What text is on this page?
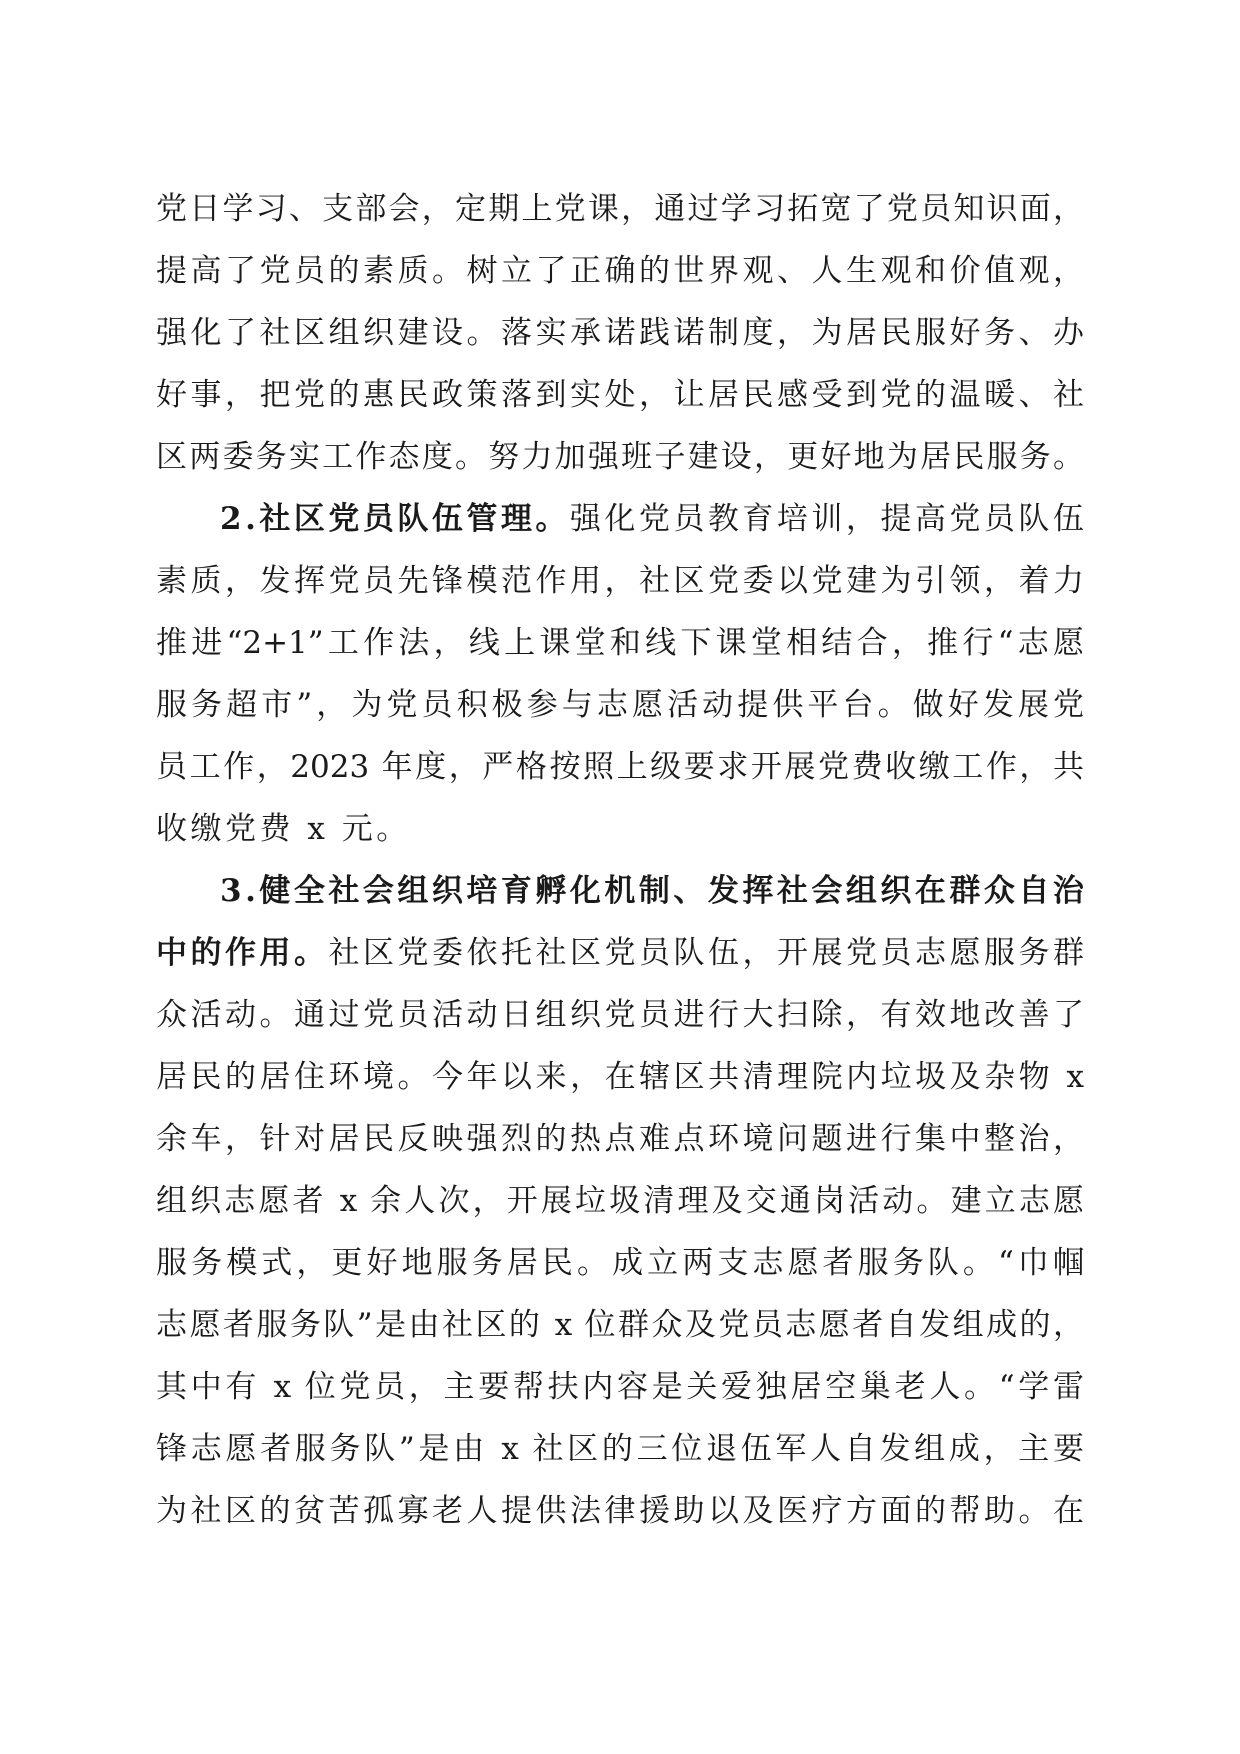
党日学习、支部会，定期上党课，通过学习拓宽了党员知识面，
提高了党员的素质。树立了正确的世界观、人生观和价值观，
强化了社区组织建设。落实承诺践诺制度，为居民服好务、办
好事，把党的惠民政策落到实处，让居民感受到党的温暖、社
区两委务实工作态度。努力加强班子建设，更好地为居民服务。
2.社区党员队伍管理。强化党员教育培训，提高党员队伍
素质，发挥党员先锋模范作用，社区党委以党建为引领，着力
推进“2+1”工作法，线上课堂和线下课堂相结合，推行“志愿
服务超市”，为党员积极参与志愿活动提供平台。做好发展党
员工作，2023 年度，严格按照上级要求开展党费收缴工作，共
收缴党费 x 元。
3.健全社会组织培育孵化机制、发挥社会组织在群众自治
中的作用。社区党委依托社区党员队伍，开展党员志愿服务群
众活动。通过党员活动日组织党员进行大扫除，有效地改善了
居民的居住环境。今年以来，在辖区共清理院内垃圾及杂物 x
余车，针对居民反映强烈的热点难点环境问题进行集中整治，
组织志愿者 x 余人次，开展垃圾清理及交通岗活动。建立志愿
服务模式，更好地服务居民。成立两支志愿者服务队。“巾帼
志愿者服务队”是由社区的 x 位群众及党员志愿者自发组成的，
其中有 x 位党员，主要帮扶内容是关爱独居空巢老人。“学雷
锋志愿者服务队”是由 x 社区的三位退伍军人自发组成，主要
为社区的贫苦孤寡老人提供法律援助以及医疗方面的帮助。在
